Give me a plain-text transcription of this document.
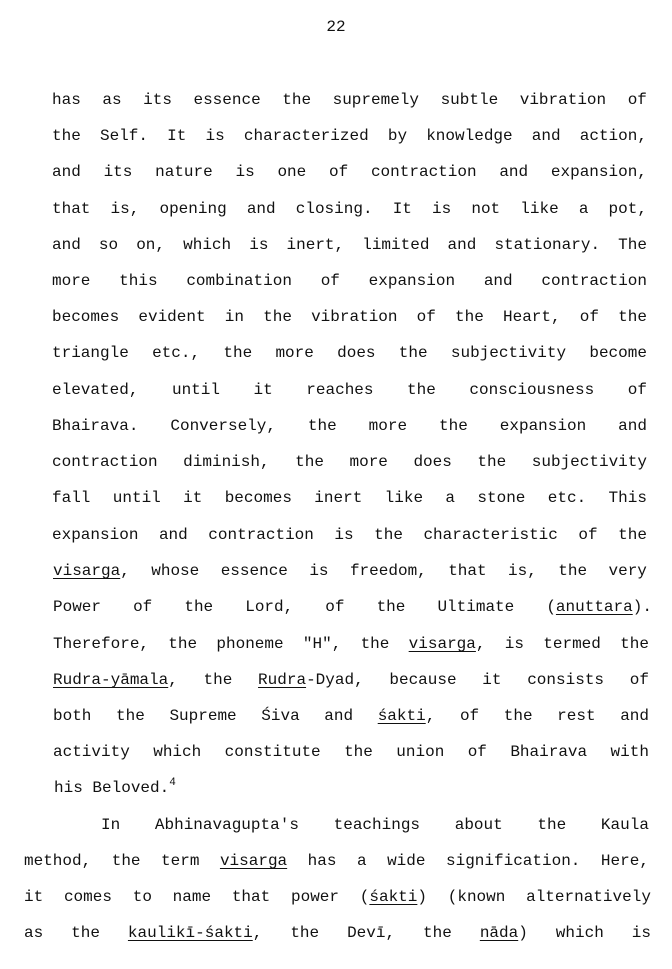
22
has as its essence the supremely subtle vibration of
the Self. It is characterized by knowledge and action,
and its nature is one of contraction and expansion,
that is, opening and closing. It is not like a pot,
and so on, which is inert, limited and stationary. The
more this combination of expansion and contraction
becomes evident in the vibration of the Heart, of the
triangle etc., the more does the subjectivity become
elevated, until it reaches the consciousness of
Bhairava. Conversely, the more the expansion and
contraction diminish, the more does the subjectivity
fall until it becomes inert like a stone etc. This
expansion and contraction is the characteristic of the
visarga, whose essence is freedom, that is, the very
Power of the Lord, of the Ultimate (anuttara).
Therefore, the phoneme "H", the visarga, is termed the
Rudra-yāmala, the Rudra-Dyad, because it consists of
both the Supreme Śiva and śakti, of the rest and
activity which constitute the union of Bhairava with
his Beloved.$^4$
In Abhinavagupta's teachings about the Kaula
method, the term visarga has a wide signification. Here,
it comes to name that power (śakti) (known alternatively
as the kaulikī-śakti, the Devī, the nāda) which is
